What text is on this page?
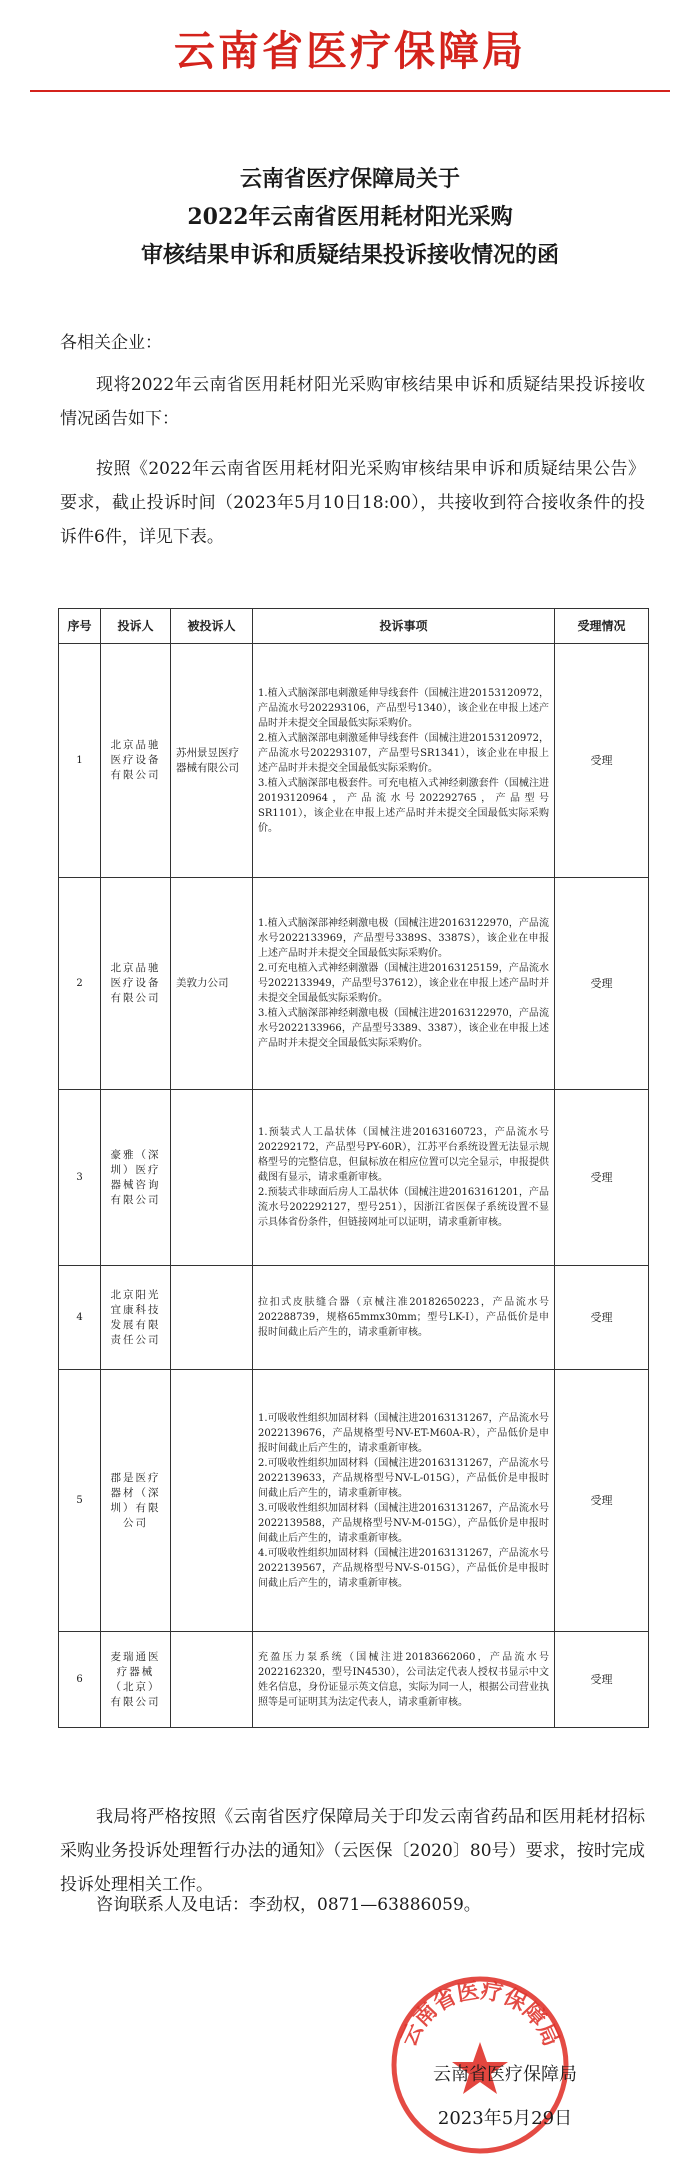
云南省医疗保障局
云南省医疗保障局关于
2022年云南省医用耗材阳光采购
审核结果申诉和质疑结果投诉接收情况的函
各相关企业：
现将2022年云南省医用耗材阳光采购审核结果申诉和质疑结果投诉接收情况函告如下：
按照《2022年云南省医用耗材阳光采购审核结果申诉和质疑结果公告》要求，截止投诉时间（2023年5月10日18:00），共接收到符合接收条件的投诉件6件，详见下表。
序号	投诉人	被投诉人	投诉事项	受理情况
1	北京品驰医疗设备有限公司	苏州景昱医疗器械有限公司	1.植入式脑深部电刺激延伸导线套件（国械注进20153120972，产品流水号202293106，产品型号1340），该企业在申报上述产品时并未提交全国最低实际采购价。
2.植入式脑深部电刺激延伸导线套件（国械注进20153120972，产品流水号202293107，产品型号SR1341），该企业在申报上述产品时并未提交全国最低实际采购价。
3.植入式脑深部电极套件。可充电植入式神经刺激套件（国械注进20193120964，产品流水号202292765，产品型号SR1101），该企业在申报上述产品时并未提交全国最低实际采购价。	受理
2	北京品驰医疗设备有限公司	美敦力公司	1.植入式脑深部神经刺激电极（国械注进20163122970，产品流水号2022133969，产品型号3389S、3387S），该企业在申报上述产品时并未提交全国最低实际采购价。
2.可充电植入式神经刺激器（国械注进20163125159，产品流水号2022133949，产品型号37612），该企业在申报上述产品时并未提交全国最低实际采购价。
3.植入式脑深部神经刺激电极（国械注进20163122970，产品流水号2022133966，产品型号3389、3387），该企业在申报上述产品时并未提交全国最低实际采购价。	受理
3	豪雅（深圳）医疗器械咨询有限公司		1.预装式人工晶状体（国械注进20163160723，产品流水号202292172，产品型号PY-60R），江苏平台系统设置无法显示规格型号的完整信息，但鼠标放在相应位置可以完全显示，申报提供截图有显示，请求重新审核。
2.预装式非球面后房人工晶状体（国械注进20163161201，产品流水号202292127，型号251），因浙江省医保子系统设置不显示具体省份条件，但链接网址可以证明，请求重新审核。	受理
4	北京阳光宜康科技发展有限责任公司		拉扣式皮肤缝合器（京械注准20182650223，产品流水号202288739，规格65mmx30mm；型号LK-I），产品低价是申报时间截止后产生的，请求重新审核。	受理
5	郡是医疗器材（深圳）有限公司		1.可吸收性组织加固材料（国械注进20163131267，产品流水号2022139676，产品规格型号NV-ET-M60A-R），产品低价是申报时间截止后产生的，请求重新审核。
2.可吸收性组织加固材料（国械注进20163131267，产品流水号2022139633，产品规格型号NV-L-015G），产品低价是申报时间截止后产生的，请求重新审核。
3.可吸收性组织加固材料（国械注进20163131267，产品流水号2022139588，产品规格型号NV-M-015G），产品低价是申报时间截止后产生的，请求重新审核。
4.可吸收性组织加固材料（国械注进20163131267，产品流水号2022139567，产品规格型号NV-S-015G），产品低价是申报时间截止后产生的，请求重新审核。	受理
6	麦瑞通医疗器械（北京）有限公司		充盈压力泵系统（国械注进20183662060，产品流水号2022162320，型号IN4530），公司法定代表人授权书显示中文姓名信息，身份证显示英文信息，实际为同一人，根据公司营业执照等是可证明其为法定代表人，请求重新审核。	受理
我局将严格按照《云南省医疗保障局关于印发云南省药品和医用耗材招标采购业务投诉处理暂行办法的通知》（云医保〔2020〕80号）要求，按时完成投诉处理相关工作。
咨询联系人及电话：李劲权，0871—63886059。
云南省医疗保障局
云南省医疗保障局
2023年5月29日
